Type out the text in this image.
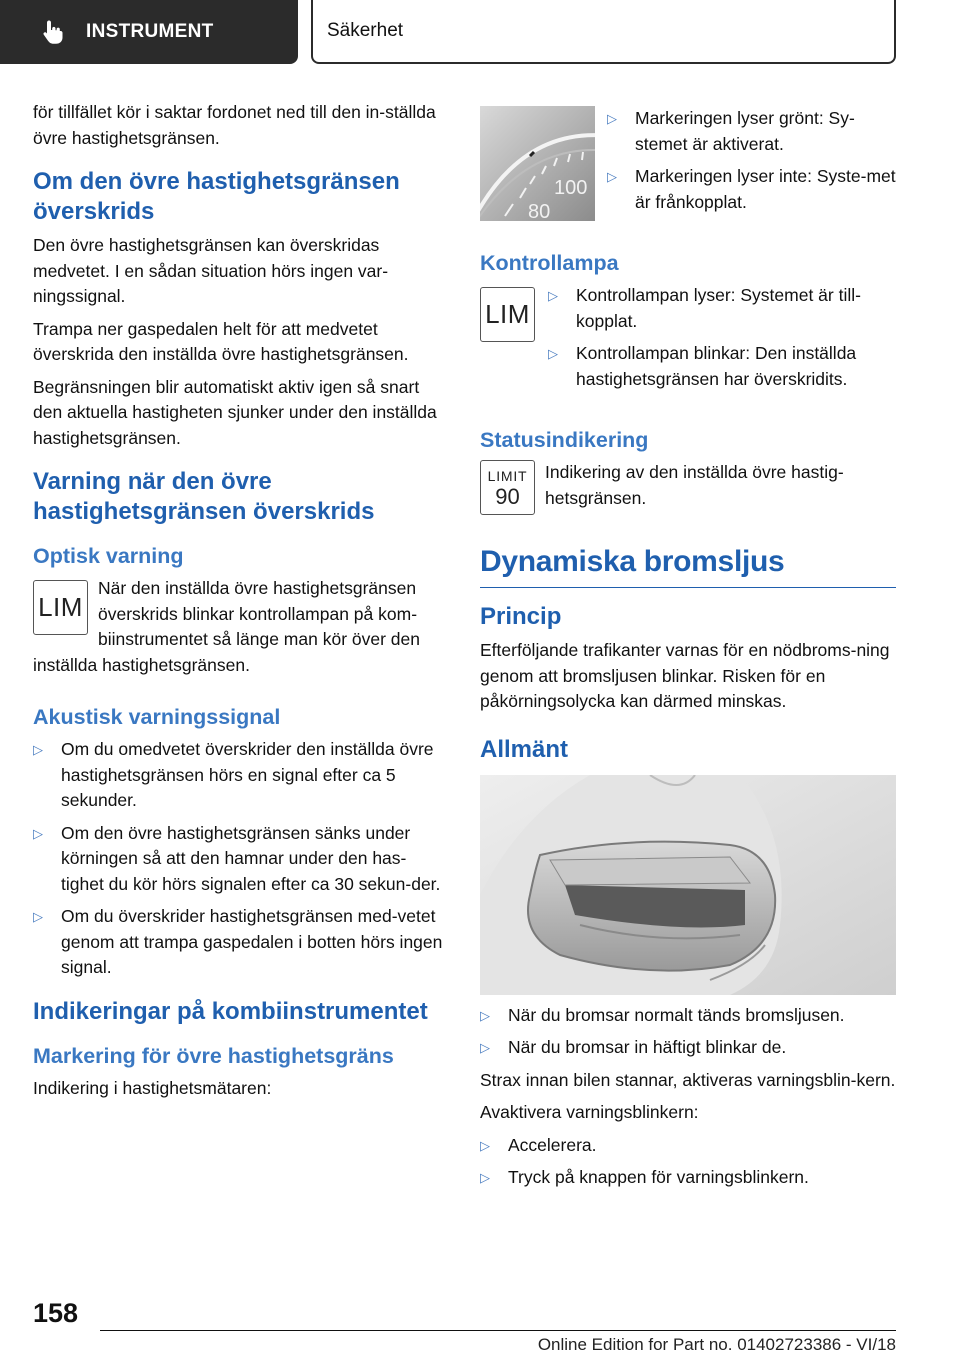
INSTRUMENT	Säkerhet

för tillfället kör i saktar fordonet ned till den in-ställda övre hastighetsgränsen.

Om den övre hastighetsgränsen överskrids

Den övre hastighetsgränsen kan överskridas medvetet. I en sådan situation hörs ingen var-ningssignal.

Trampa ner gaspedalen helt för att medvetet överskrida den inställda övre hastighetsgränsen.

Begränsningen blir automatiskt aktiv igen så snart den aktuella hastigheten sjunker under den inställda hastighetsgränsen.

Varning när den övre hastighetsgränsen överskrids
Optisk varning
LIM
När den inställda övre hastighetsgränsen överskrids blinkar kontrollampan på kom-biinstrumentet så länge man kör över den inställda hastighetsgränsen.
Akustisk varningssignal
▷ Om du omedvetet överskrider den inställda övre hastighetsgränsen hörs en signal efter ca 5 sekunder.
▷ Om den övre hastighetsgränsen sänks under körningen så att den hamnar under den has-tighet du kör hörs signalen efter ca 30 sekun-der.
▷ Om du överskrider hastighetsgränsen med-vetet genom att trampa gaspedalen i botten hörs ingen signal.
Indikeringar på kombiinstrumentet
Markering för övre hastighetsgräns

Indikering i hastighetsmätaren:

100
80
▷ Markeringen lyser grönt: Sy-stemet är aktiverat.
▷ Markeringen lyser inte: Syste-met är frånkopplat.
Kontrollampa
LIM
▷ Kontrollampan lyser: Systemet är till-kopplat.
▷ Kontrollampan blinkar: Den inställda hastighetsgränsen har överskridits.
Statusindikering
LIMIT
90
Indikering av den inställda övre hastig-hetsgränsen.
Dynamiska bromsljus
Princip

Efterföljande trafikanter varnas för en nödbroms-ning genom att bromsljusen blinkar. Risken för en påkörningsolycka kan därmed minskas.

Allmänt
▷ När du bromsar normalt tänds bromsljusen.
▷ När du bromsar in häftigt blinkar de.

Strax innan bilen stannar, aktiveras varningsblin-kern.

Avaktivera varningsblinkern:

▷ Accelerera.
▷ Tryck på knappen för varningsblinkern.
158
Online Edition for Part no. 01402723386 - VI/18
